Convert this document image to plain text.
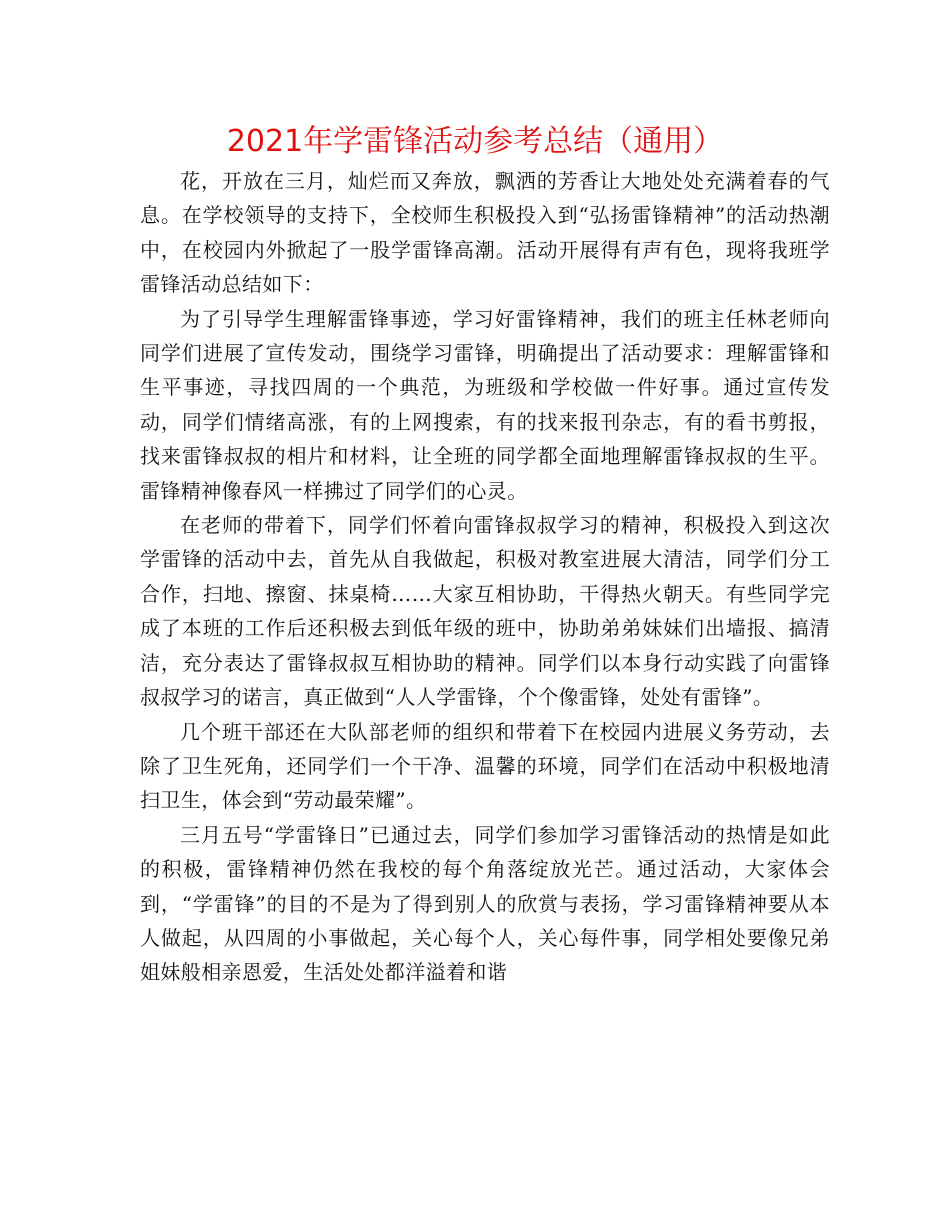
2021年学雷锋活动参考总结（通用）

花，开放在三月，灿烂而又奔放，飘洒的芳香让大地处处充满着春的气息。在学校领导的支持下，全校师生积极投入到“弘扬雷锋精神”的活动热潮中，在校园内外掀起了一股学雷锋高潮。活动开展得有声有色，现将我班学雷锋活动总结如下：

为了引导学生理解雷锋事迹，学习好雷锋精神，我们的班主任林老师向同学们进展了宣传发动，围绕学习雷锋，明确提出了活动要求：理解雷锋和生平事迹，寻找四周的一个典范，为班级和学校做一件好事。通过宣传发动，同学们情绪高涨，有的上网搜索，有的找来报刊杂志，有的看书剪报，找来雷锋叔叔的相片和材料，让全班的同学都全面地理解雷锋叔叔的生平。雷锋精神像春风一样拂过了同学们的心灵。

在老师的带着下，同学们怀着向雷锋叔叔学习的精神，积极投入到这次学雷锋的活动中去，首先从自我做起，积极对教室进展大清洁，同学们分工合作，扫地、擦窗、抹桌椅……大家互相协助，干得热火朝天。有些同学完成了本班的工作后还积极去到低年级的班中，协助弟弟妹妹们出墙报、搞清洁，充分表达了雷锋叔叔互相协助的精神。同学们以本身行动实践了向雷锋叔叔学习的诺言，真正做到“人人学雷锋，个个像雷锋，处处有雷锋”。

几个班干部还在大队部老师的组织和带着下在校园内进展义务劳动，去除了卫生死角，还同学们一个干净、温馨的环境，同学们在活动中积极地清扫卫生，体会到“劳动最荣耀”。

三月五号“学雷锋日”已通过去，同学们参加学习雷锋活动的热情是如此的积极，雷锋精神仍然在我校的每个角落绽放光芒。通过活动，大家体会到，“学雷锋”的目的不是为了得到别人的欣赏与表扬，学习雷锋精神要从本人做起，从四周的小事做起，关心每个人，关心每件事，同学相处要像兄弟姐妹般相亲恩爱，生活处处都洋溢着和谐
